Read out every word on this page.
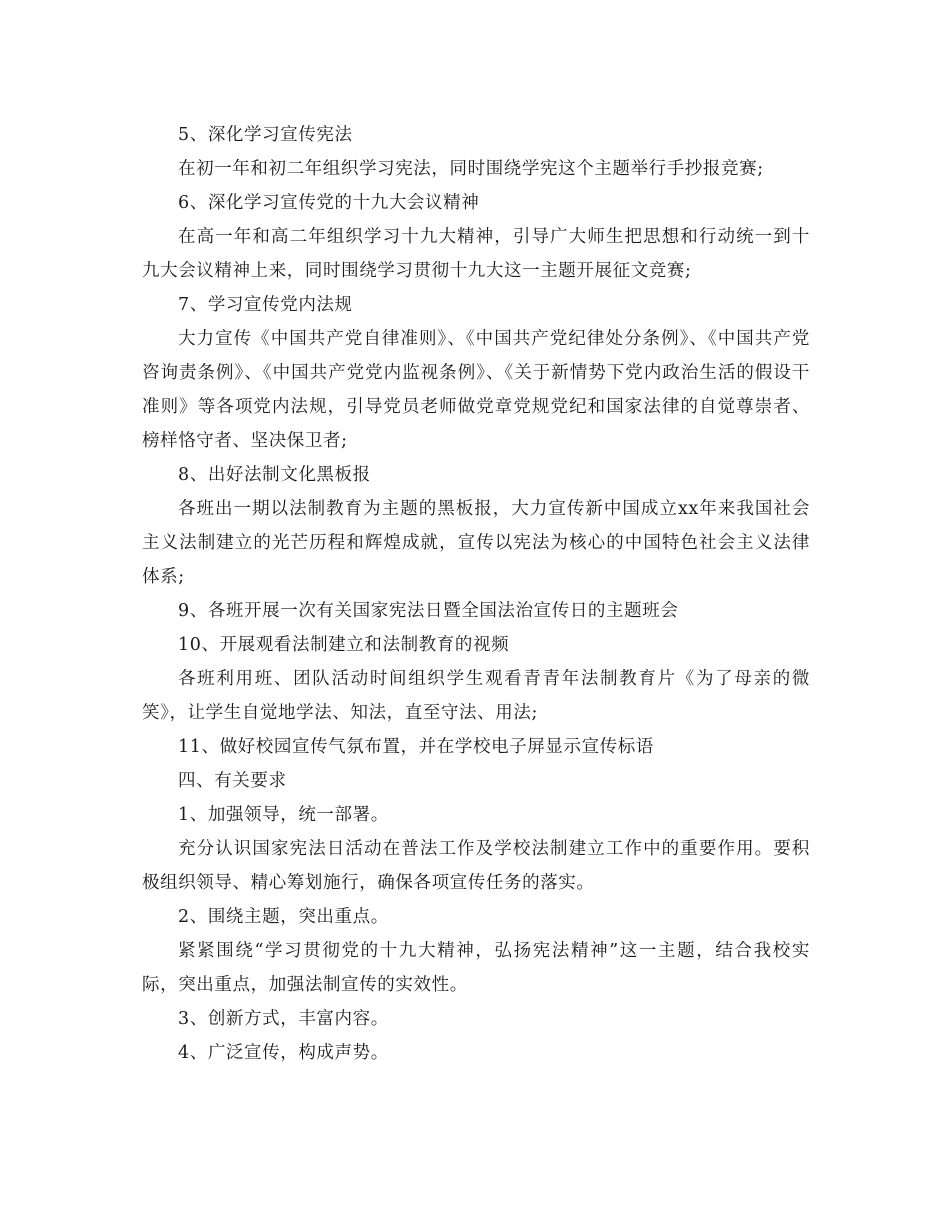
5、深化学习宣传宪法

在初一年和初二年组织学习宪法，同时围绕学宪这个主题举行手抄报竞赛;

6、深化学习宣传党的十九大会议精神

在高一年和高二年组织学习十九大精神，引导广大师生把思想和行动统一到十九大会议精神上来，同时围绕学习贯彻十九大这一主题开展征文竞赛;

7、学习宣传党内法规

大力宣传《中国共产党自律准则》、《中国共产党纪律处分条例》、《中国共产党咨询责条例》、《中国共产党党内监视条例》、《关于新情势下党内政治生活的假设干准则》等各项党内法规，引导党员老师做党章党规党纪和国家法律的自觉尊崇者、榜样恪守者、坚决保卫者;

8、出好法制文化黑板报

各班出一期以法制教育为主题的黑板报，大力宣传新中国成立xx年来我国社会主义法制建立的光芒历程和辉煌成就，宣传以宪法为核心的中国特色社会主义法律体系;

9、各班开展一次有关国家宪法日暨全国法治宣传日的主题班会

10、开展观看法制建立和法制教育的视频

各班利用班、团队活动时间组织学生观看青青年法制教育片《为了母亲的微笑》，让学生自觉地学法、知法，直至守法、用法;

11、做好校园宣传气氛布置，并在学校电子屏显示宣传标语

四、有关要求

1、加强领导，统一部署。

充分认识国家宪法日活动在普法工作及学校法制建立工作中的重要作用。要积极组织领导、精心筹划施行，确保各项宣传任务的落实。

2、围绕主题，突出重点。

紧紧围绕“学习贯彻党的十九大精神，弘扬宪法精神”这一主题，结合我校实际，突出重点，加强法制宣传的实效性。

3、创新方式，丰富内容。

4、广泛宣传，构成声势。
